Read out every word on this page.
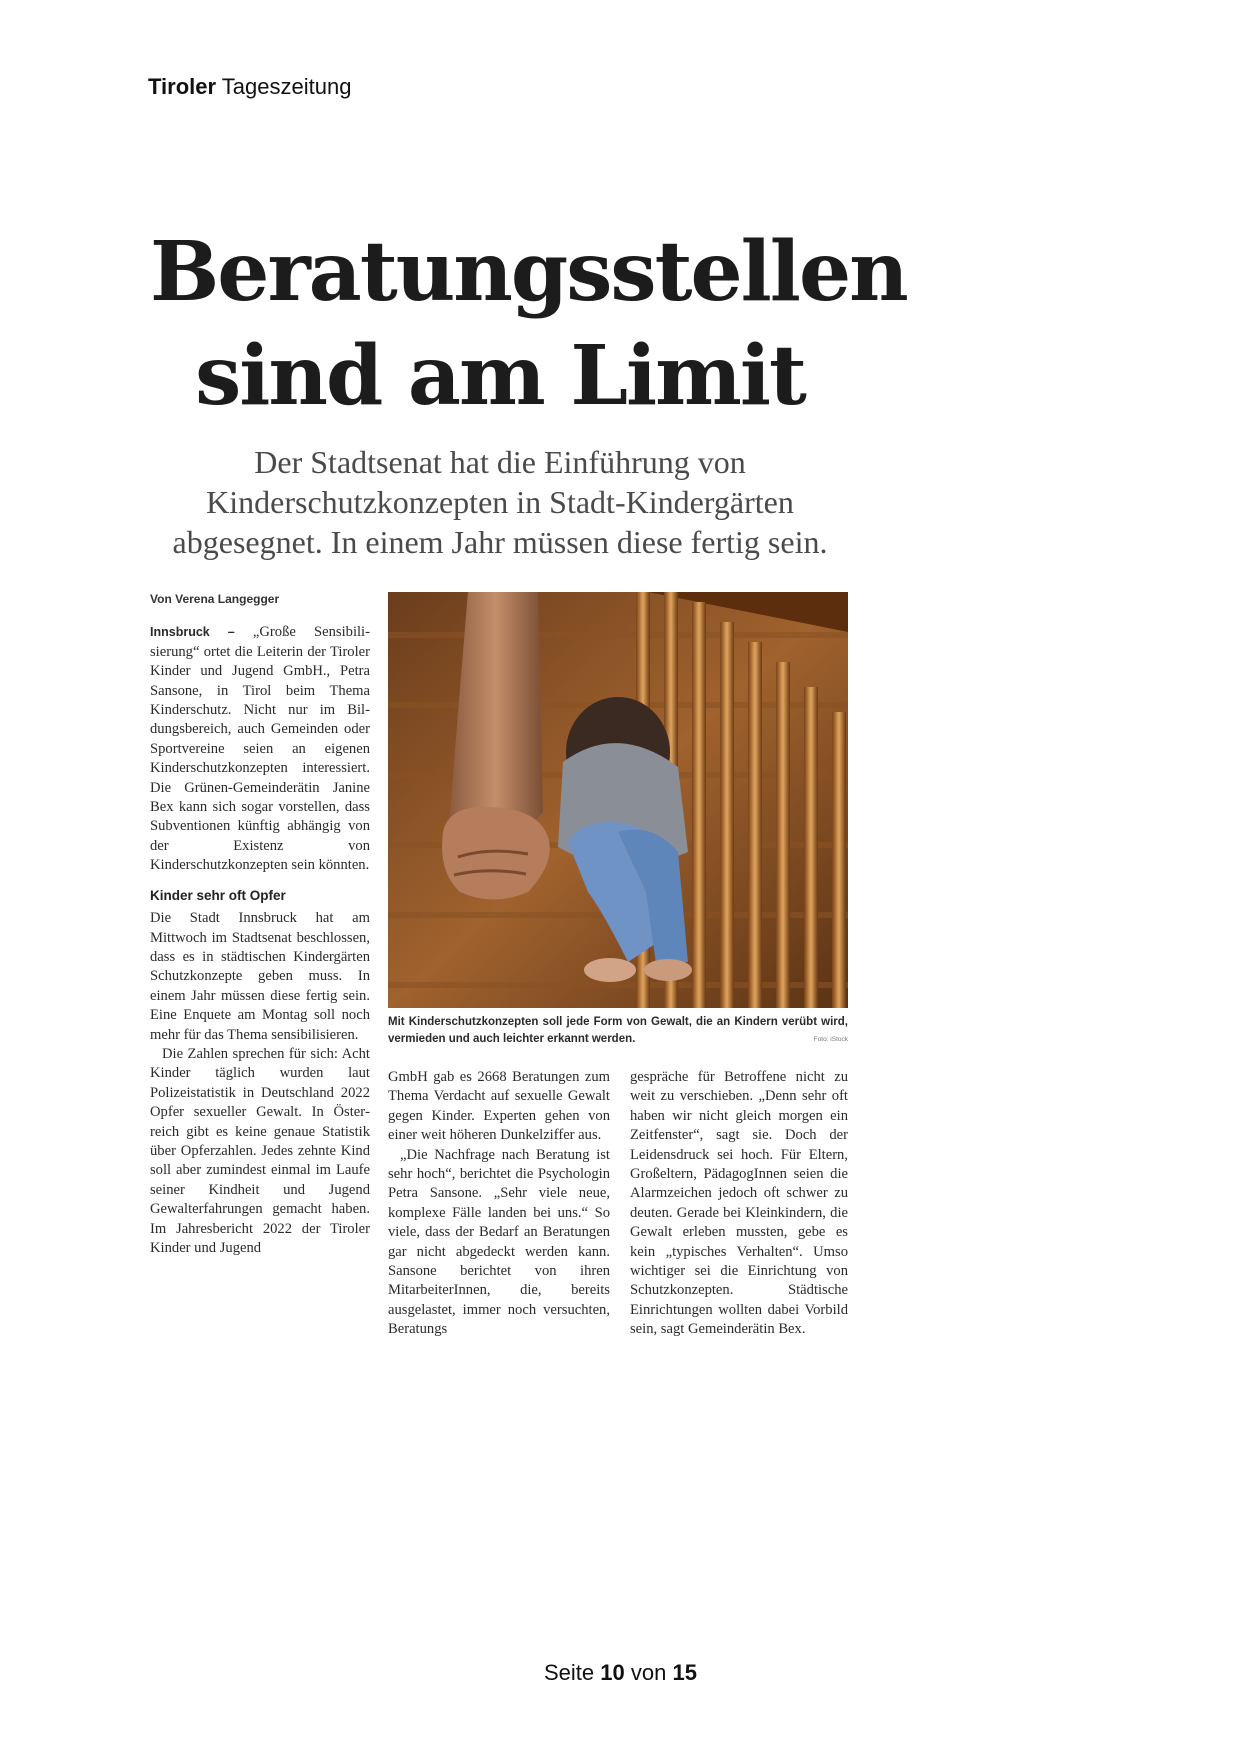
Tiroler Tageszeitung
Beratungsstellen
sind am Limit
Der Stadtsenat hat die Einführung von Kinderschutzkonzepten in Stadt-Kindergärten abgesegnet. In einem Jahr müssen diese fertig sein.

Von Verena Langegger

Innsbruck – „Große Sensibilisierung“ ortet die Leiterin der Tiroler Kinder und Jugend GmbH., Petra Sansone, in Tirol beim Thema Kinderschutz. Nicht nur im Bildungsbereich, auch Gemeinden oder Sportvereine seien an eigenen Kinderschutzkonzepten interessiert. Die Grünen-Gemeinderätin Janine Bex kann sich sogar vorstellen, dass Subventionen künftig abhängig von der Existenz von Kinderschutzkonzepten sein könnten.

Kinder sehr oft Opfer

Die Stadt Innsbruck hat am Mittwoch im Stadtsenat beschlossen, dass es in städtischen Kindergärten Schutzkonzepte geben muss. In einem Jahr müssen diese fertig sein. Eine Enquete am Montag soll noch mehr für das Thema sensibilisieren.

Die Zahlen sprechen für sich: Acht Kinder täglich wurden laut Polizeistatistik in Deutschland 2022 Opfer sexueller Gewalt. In Österreich gibt es keine genaue Statistik über Opferzahlen. Jedes zehnte Kind soll aber zumindest einmal im Laufe seiner Kindheit und Jugend Gewalterfahrungen gemacht haben. Im Jahresbericht 2022 der Tiroler Kinder und Jugend

Mit Kinderschutzkonzepten soll jede Form von Gewalt, die an Kindern verübt wird, vermieden und auch leichter erkannt werden.	Foto: iStock

GmbH gab es 2668 Beratungen zum Thema Verdacht auf sexuelle Gewalt gegen Kinder. Experten gehen von einer weit höheren Dunkelziffer aus.

„Die Nachfrage nach Beratung ist sehr hoch“, berichtet die Psychologin Petra Sansone. „Sehr viele neue, komplexe Fälle landen bei uns.“ So viele, dass der Bedarf an Beratungen gar nicht abgedeckt werden kann. Sansone berichtet von ihren MitarbeiterInnen, die, bereits ausgelastet, immer noch versuchten, Beratungs

gespräche für Betroffene nicht zu weit zu verschieben. „Denn sehr oft haben wir nicht gleich morgen ein Zeitfenster“, sagt sie. Doch der Leidensdruck sei hoch. Für Eltern, Großeltern, PädagogInnen seien die Alarmzeichen jedoch oft schwer zu deuten. Gerade bei Kleinkindern, die Gewalt erleben mussten, gebe es kein „typisches Verhalten“. Umso wichtiger sei die Einrichtung von Schutzkonzepten. Städtische Einrichtungen wollten dabei Vorbild sein, sagt Gemeinderätin Bex.

Seite 10 von 15
